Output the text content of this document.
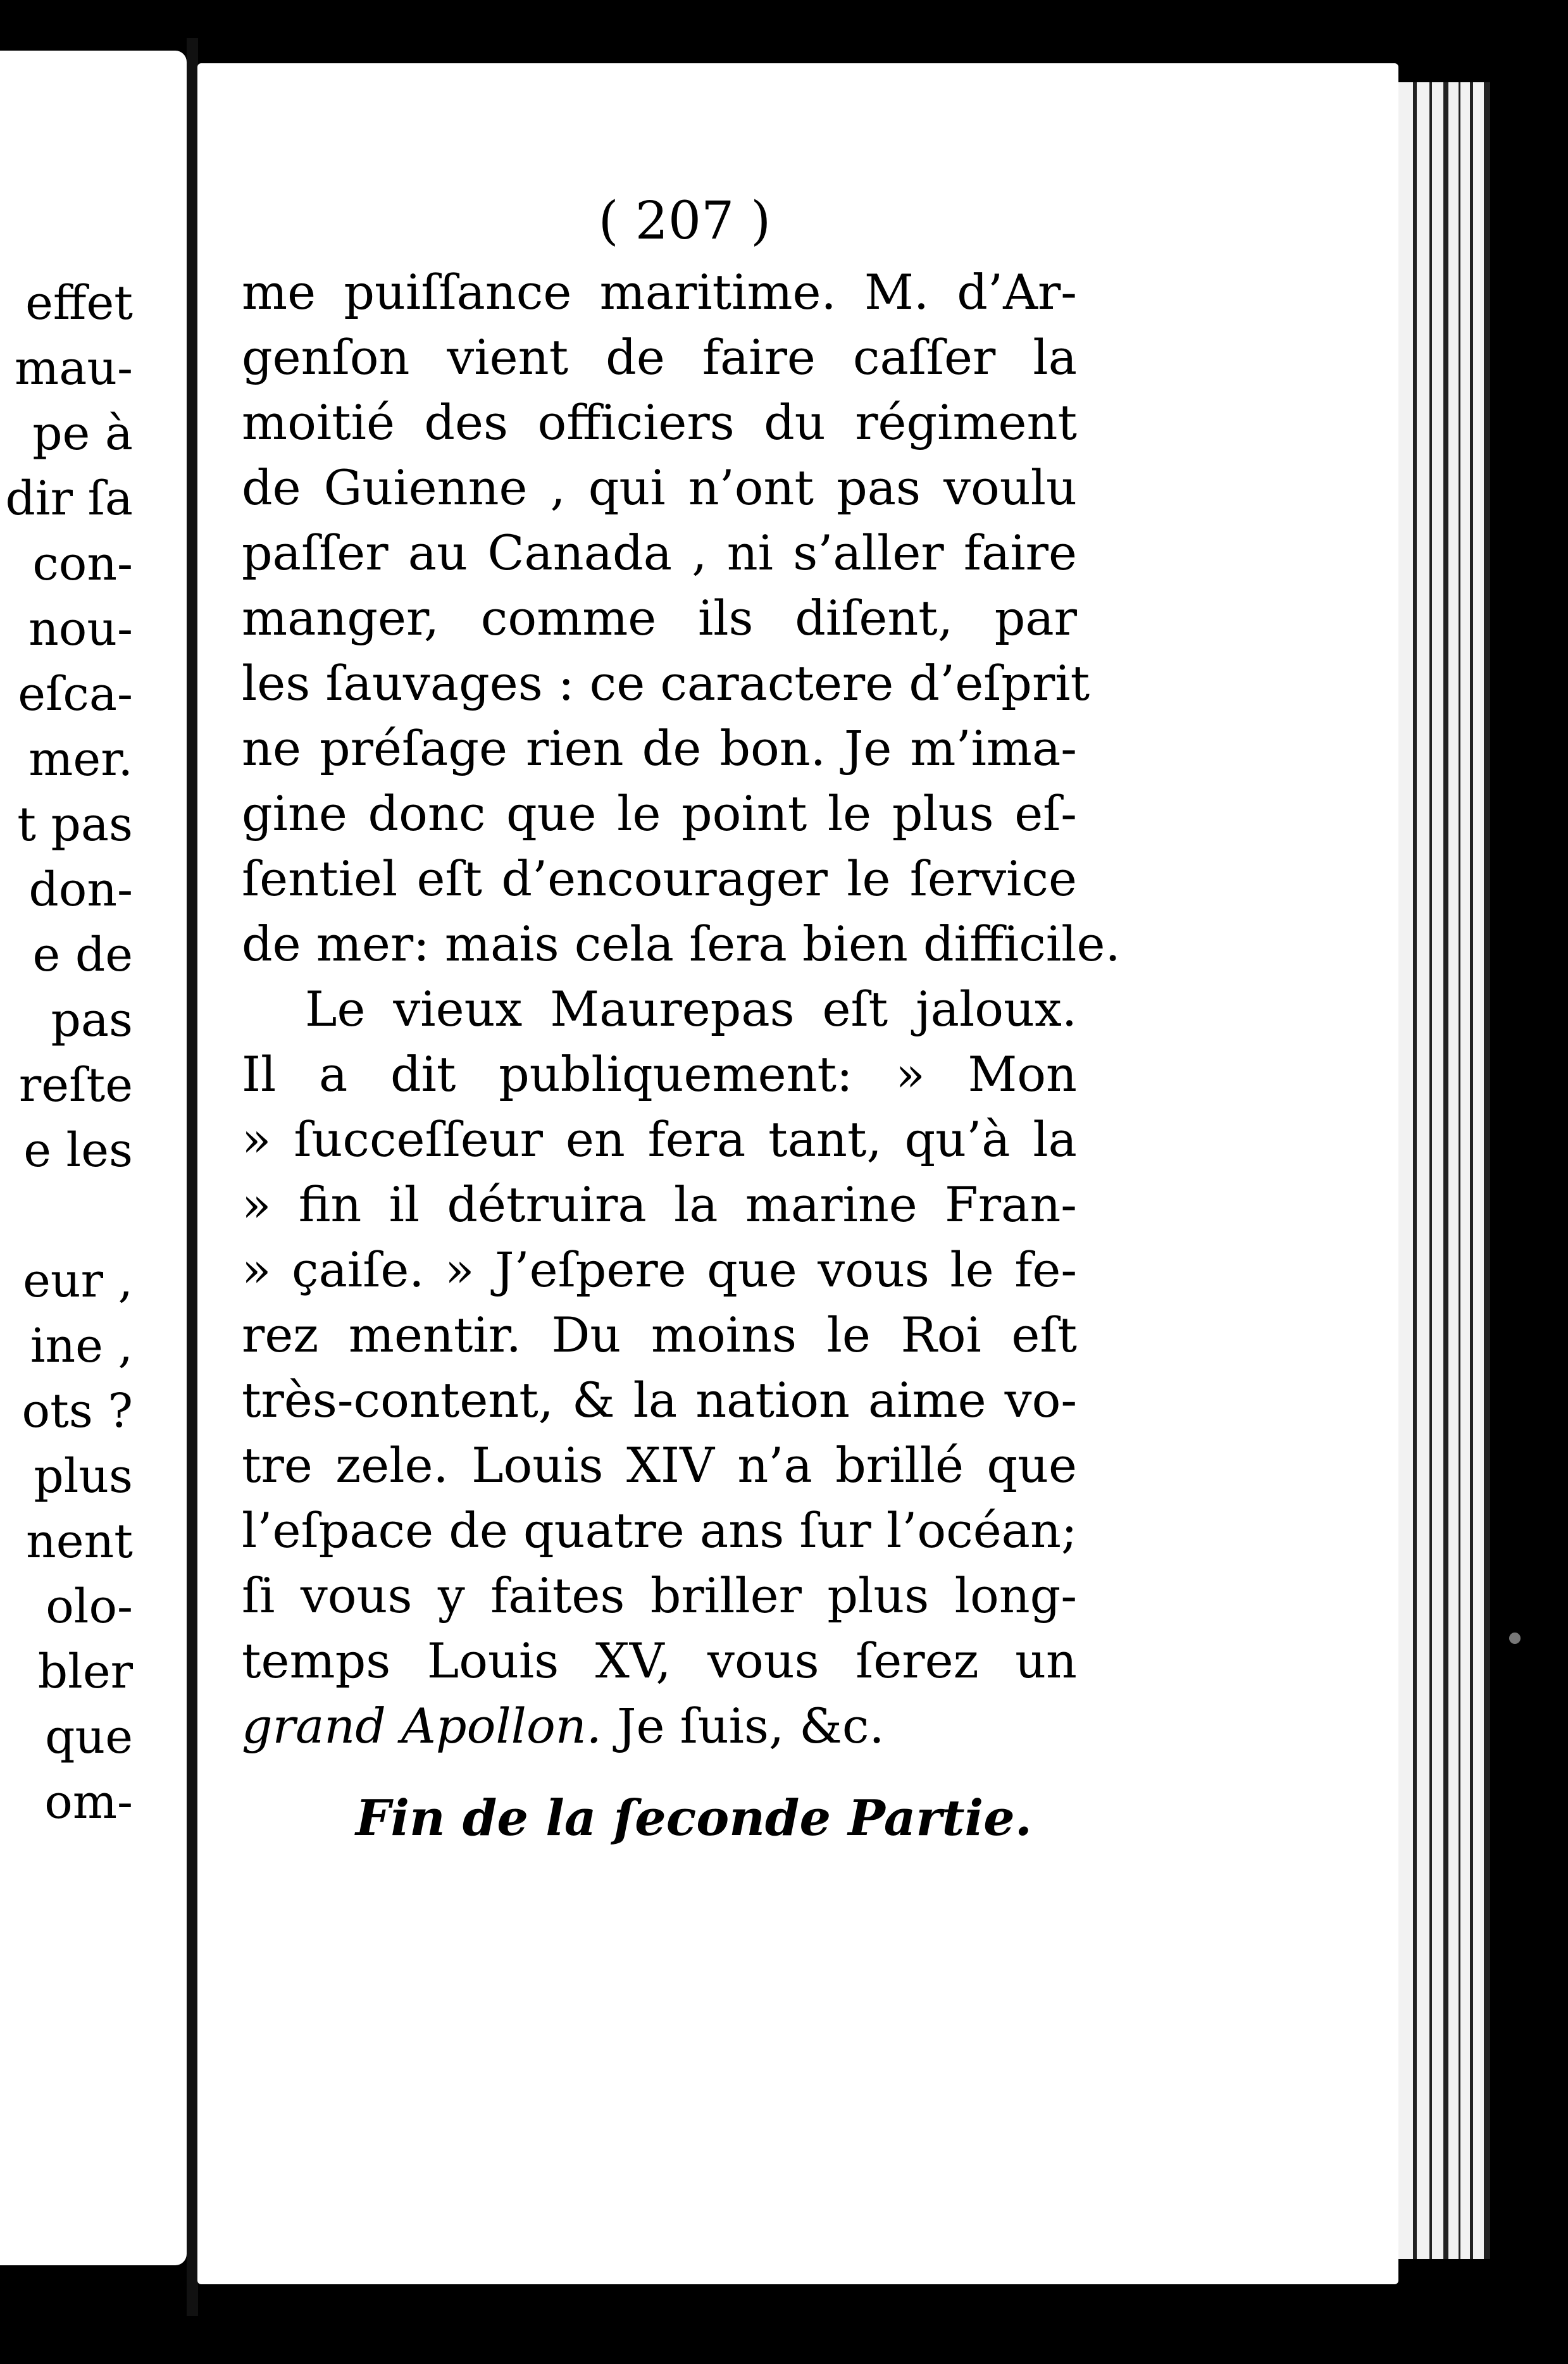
effet
mau-
pe à
dir ſa
con-
nou-
eſca-
mer.
t pas
don-
e de
pas
reſte
e les
eur ,
ine ,
ots ?
plus
nent
olo-
bler
que
om-
( 207 )
me puiſſance maritime. M. d’Ar-
genſon vient de faire caſſer la
moitié des officiers du régiment
de Guienne , qui n’ont pas voulu
paſſer au Canada , ni s’aller faire
manger, comme ils diſent, par
les ſauvages : ce caractere d’eſprit
ne préſage rien de bon. Je m’ima-
gine donc que le point le plus eſ-
ſentiel eſt d’encourager le ſervice
de mer: mais cela ſera bien difficile.
Le vieux Maurepas eſt jaloux.
Il a dit publiquement: » Mon
» ſucceſſeur en fera tant, qu’à la
» fin il détruira la marine Fran-
» çaiſe. » J’eſpere que vous le fe-
rez mentir. Du moins le Roi eſt
très-content, & la nation aime vo-
tre zele. Louis XIV n’a brillé que
l’eſpace de quatre ans ſur l’océan;
ſi vous y faites briller plus long-
temps Louis XV, vous ſerez un
grand Apollon. Je ſuis, &c.
Fin de la ſeconde Partie.
